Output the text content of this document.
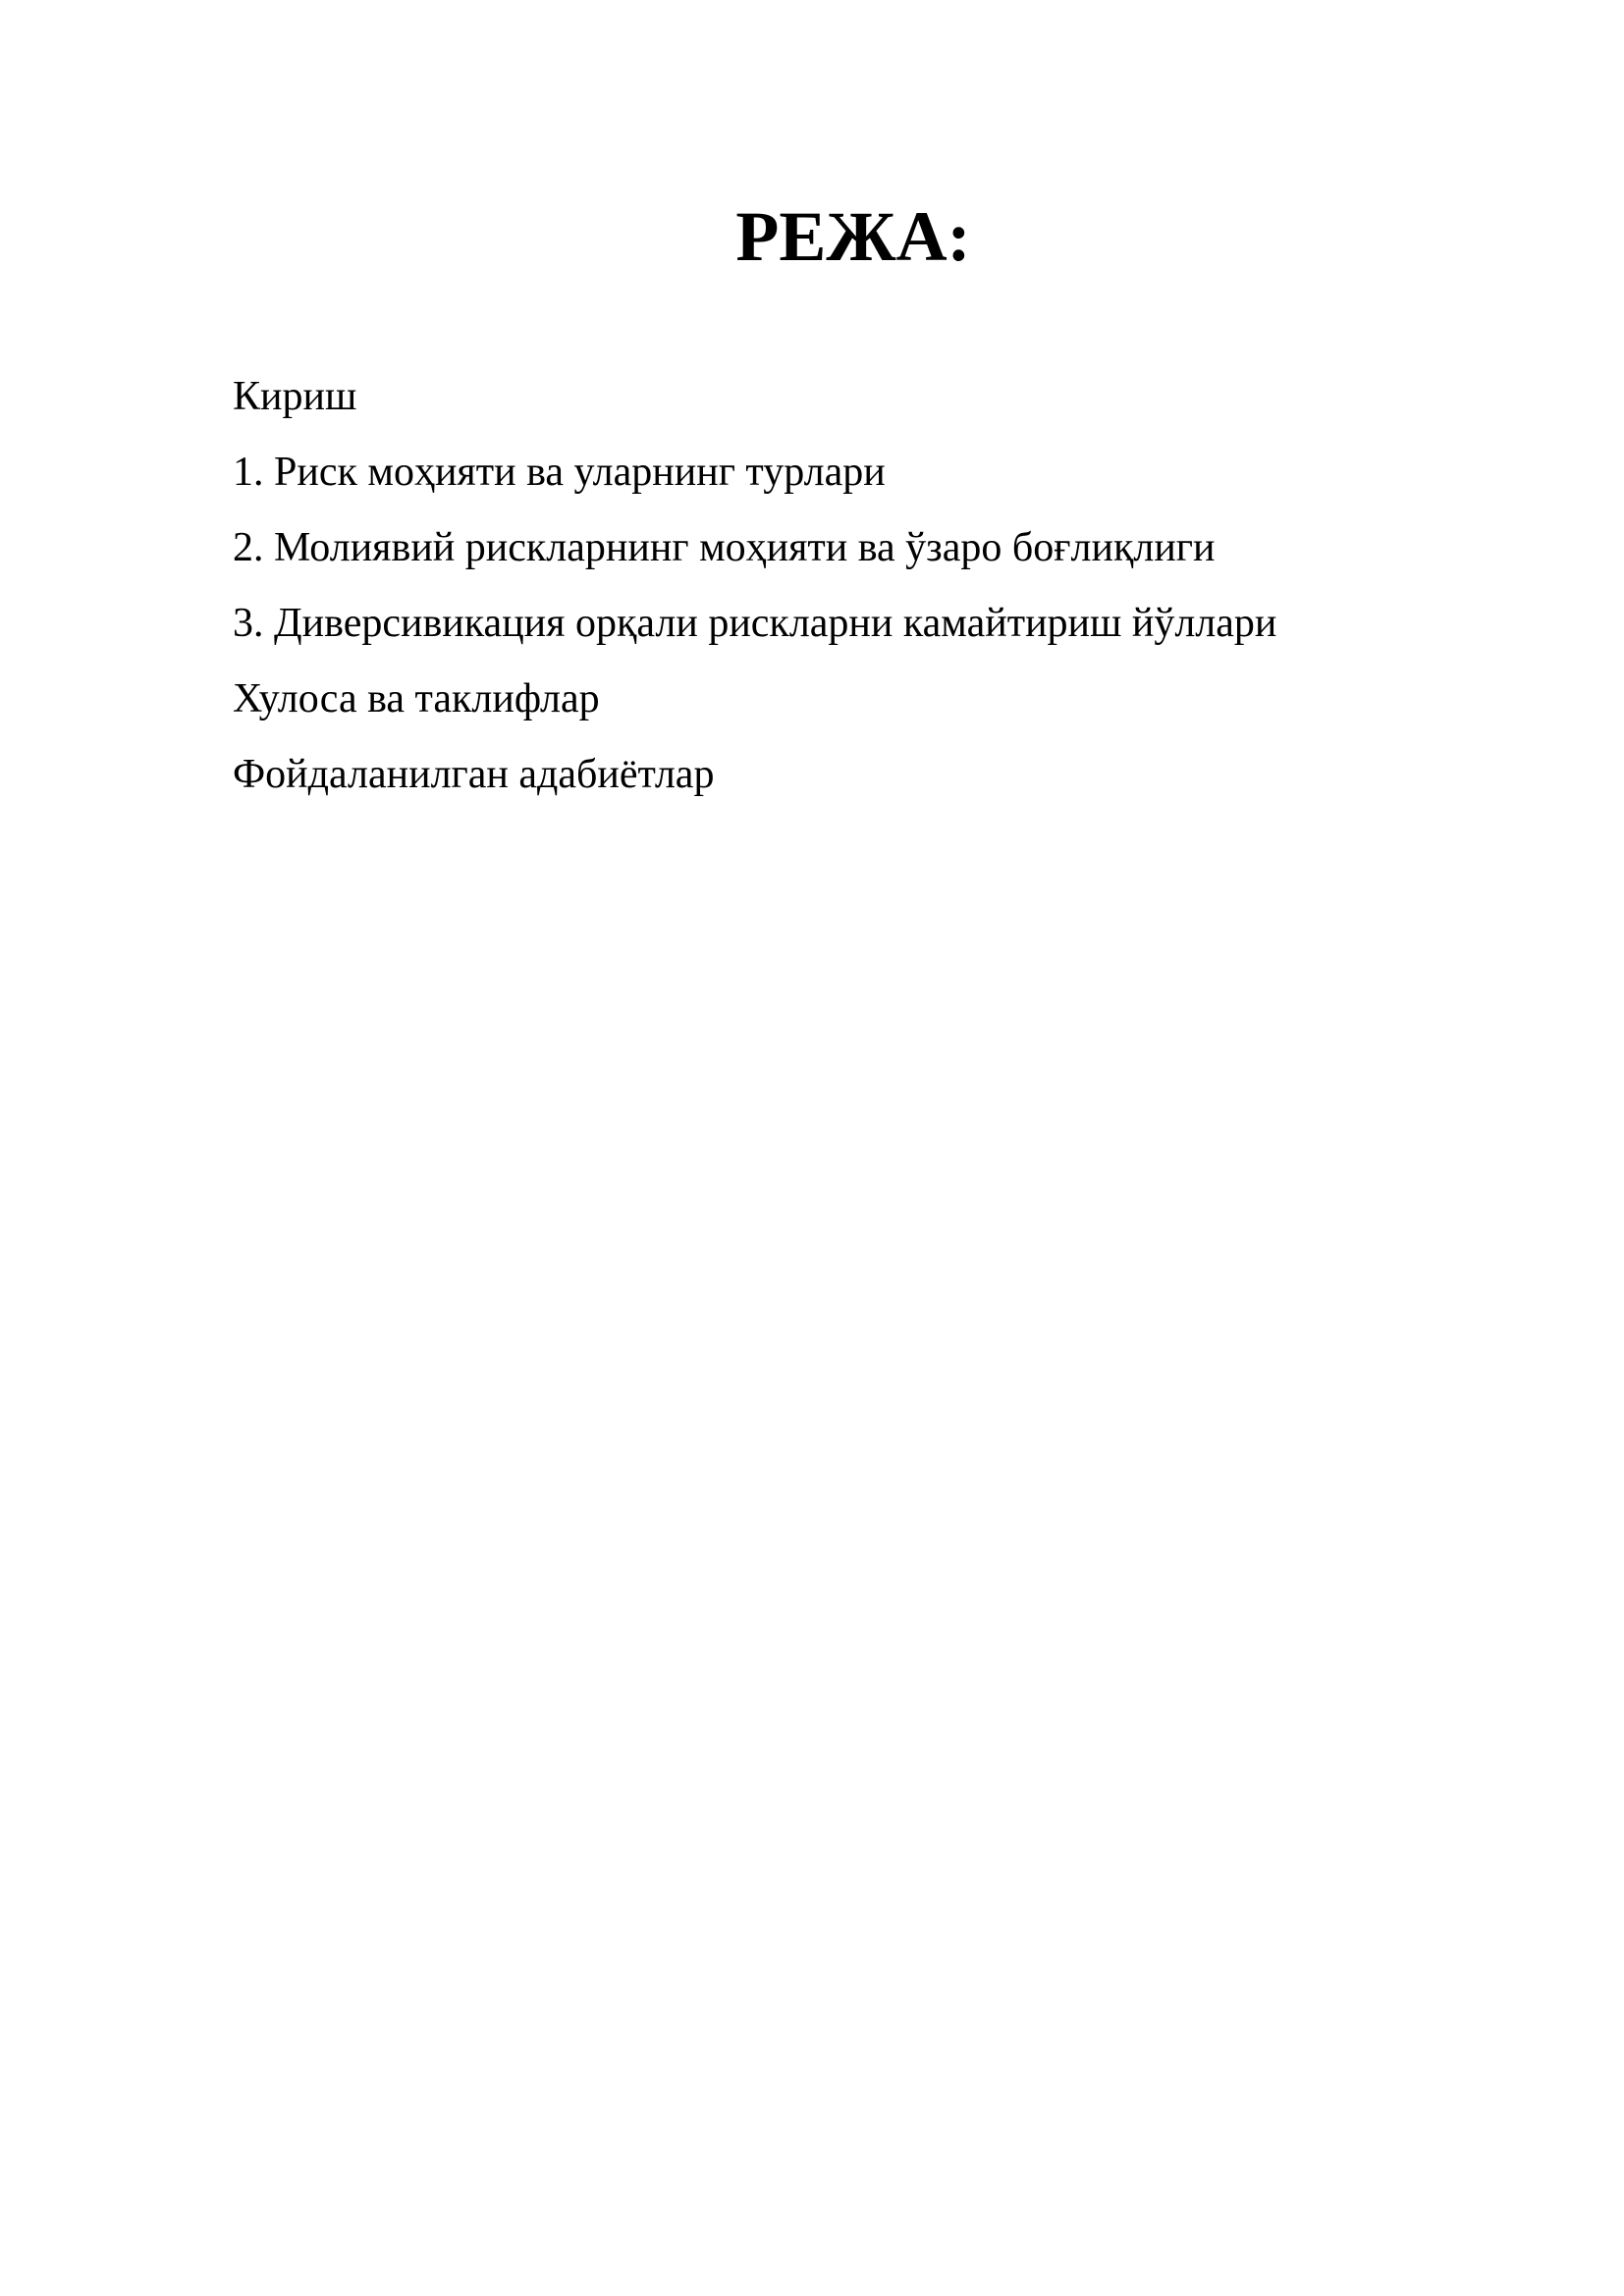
РЕЖА:
Кириш
1. Риск моҳияти ва уларнинг турлари
2. Молиявий рискларнинг моҳияти ва ўзаро боғлиқлиги
3. Диверсивикация орқали рискларни камайтириш йўллари
Хулоса ва таклифлар
Фойдаланилган адабиётлар
